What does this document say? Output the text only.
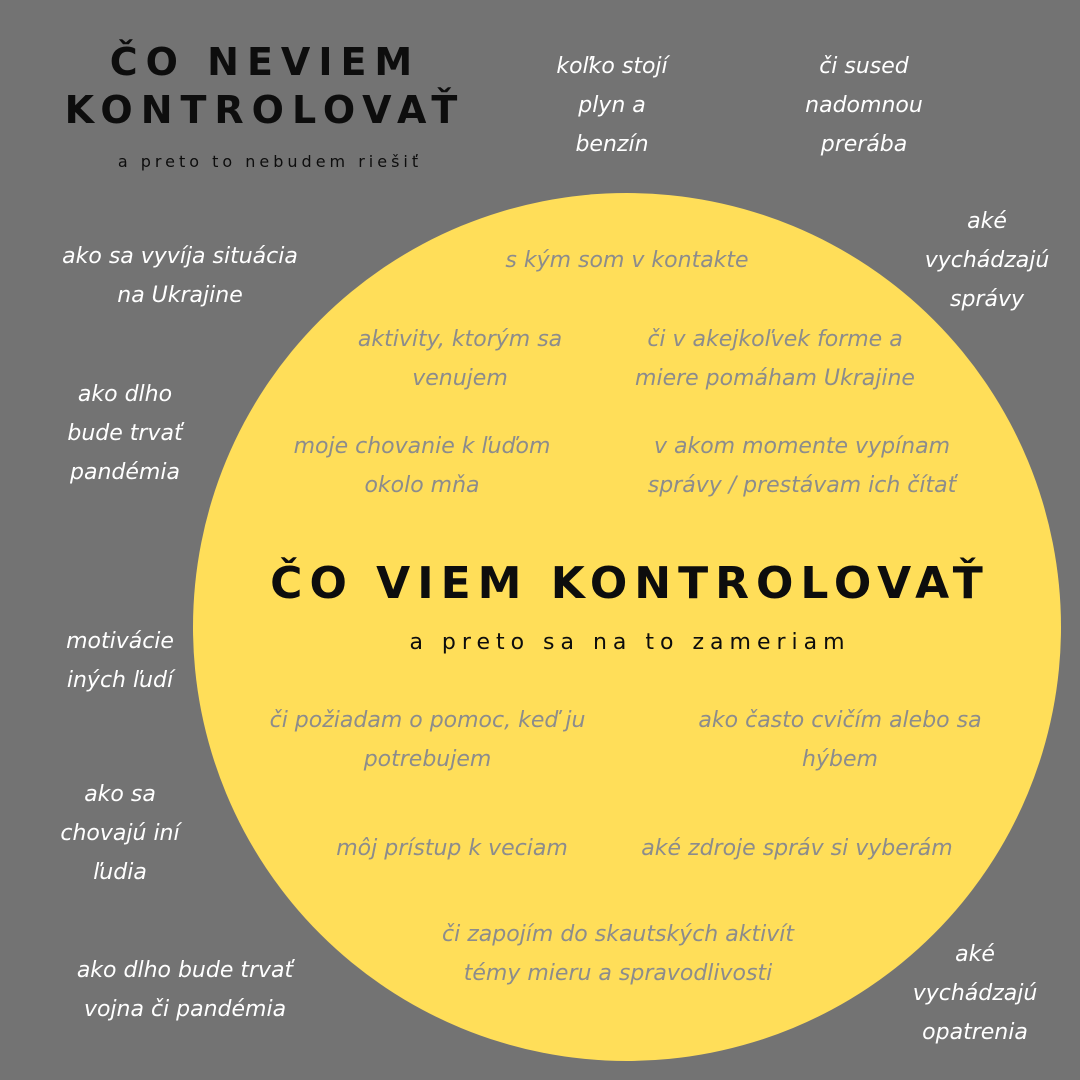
ČO NEVIEM
KONTROLOVAŤ
a preto to nebudem riešiť
koľko stojí
plyn a
benzín
či sused
nadomnou
prerába
ako sa vyvíja situácia
na Ukrajine
aké
vychádzajú
správy
ako dlho
bude trvať
pandémia
motivácie
iných ľudí
ako sa
chovajú iní
ľudia
ako dlho bude trvať
vojna či pandémia
aké
vychádzajú
opatrenia
s kým som v kontakte
aktivity, ktorým sa
venujem
či v akejkoľvek forme a
miere pomáham Ukrajine
moje chovanie k ľuďom
okolo mňa
v akom momente vypínam
správy / prestávam ich čítať
ČO VIEM KONTROLOVAŤ
a preto sa na to zameriam
či požiadam o pomoc, keď ju
potrebujem
ako často cvičím alebo sa
hýbem
môj prístup k veciam	aké zdroje správ si vyberám
či zapojím do skautských aktivít
témy mieru a spravodlivosti
